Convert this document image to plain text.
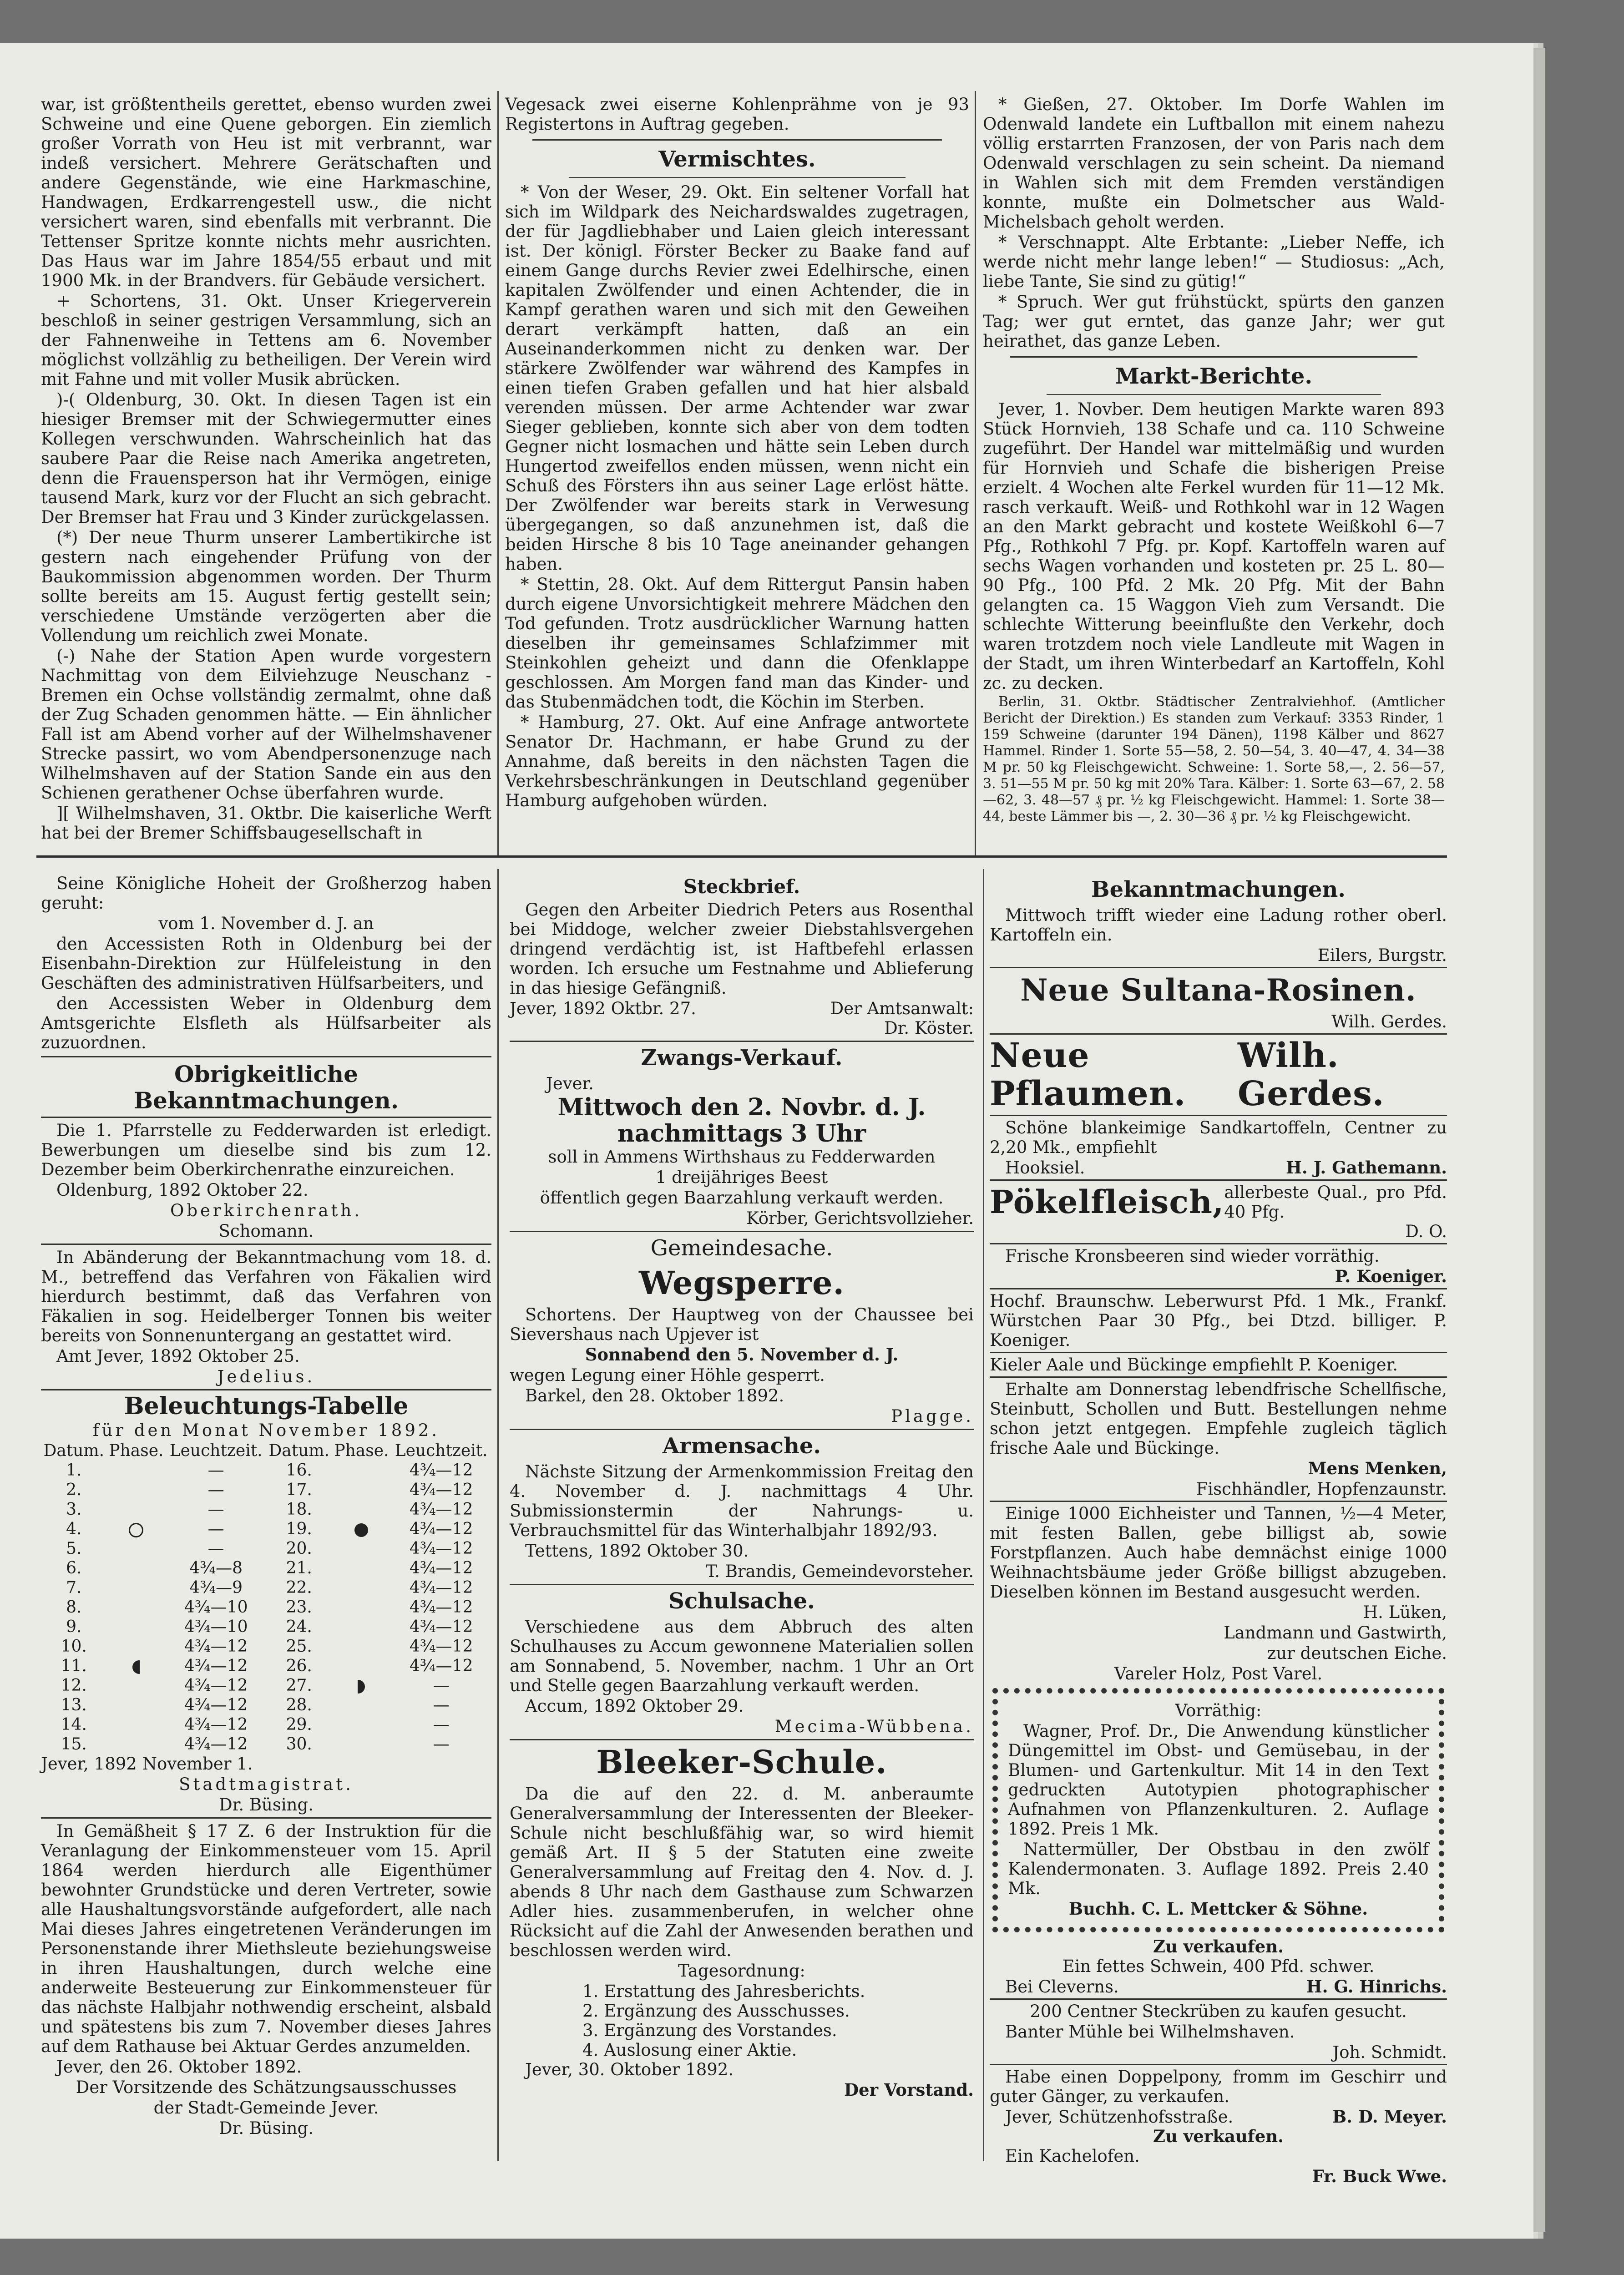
war, ist größtentheils gerettet, ebenso wurden zwei Schweine und eine Quene geborgen. Ein ziemlich großer Vorrath von Heu ist mit verbrannt, war indeß versichert. Mehrere Gerätschaften und andere Gegenstände, wie eine Harkmaschine, Handwagen, Erdkarrengestell usw., die nicht versichert waren, sind ebenfalls mit verbrannt. Die Tettenser Spritze konnte nichts mehr ausrichten. Das Haus war im Jahre 1854/55 erbaut und mit 1900 Mk. in der Brandvers. für Gebäude versichert.

+ Schortens, 31. Okt. Unser Kriegerverein beschloß in seiner gestrigen Versammlung, sich an der Fahnenweihe in Tettens am 6. November möglichst vollzählig zu betheiligen. Der Verein wird mit Fahne und mit voller Musik abrücken.

)-( Oldenburg, 30. Okt. In diesen Tagen ist ein hiesiger Bremser mit der Schwiegermutter eines Kollegen verschwunden. Wahrscheinlich hat das saubere Paar die Reise nach Amerika angetreten, denn die Frauensperson hat ihr Vermögen, einige tausend Mark, kurz vor der Flucht an sich gebracht. Der Bremser hat Frau und 3 Kinder zurückgelassen.

(*) Der neue Thurm unserer Lambertikirche ist gestern nach eingehender Prüfung von der Baukommission abgenommen worden. Der Thurm sollte bereits am 15. August fertig gestellt sein; verschiedene Umstände verzögerten aber die Vollendung um reichlich zwei Monate.

(-) Nahe der Station Apen wurde vorgestern Nachmittag von dem Eilviehzuge Neuschanz - Bremen ein Ochse vollständig zermalmt, ohne daß der Zug Schaden genommen hätte. — Ein ähnlicher Fall ist am Abend vorher auf der Wilhelmshavener Strecke passirt, wo vom Abendpersonenzuge nach Wilhelmshaven auf der Station Sande ein aus den Schienen gerathener Ochse überfahren wurde.

][ Wilhelmshaven, 31. Oktbr. Die kaiserliche Werft hat bei der Bremer Schiffsbaugesellschaft in

Vegesack zwei eiserne Kohlenprähme von je 93 Registertons in Auftrag gegeben.

Vermischtes.

* Von der Weser, 29. Okt. Ein seltener Vorfall hat sich im Wildpark des Neichardswaldes zugetragen, der für Jagdliebhaber und Laien gleich interessant ist. Der königl. Förster Becker zu Baake fand auf einem Gange durchs Revier zwei Edelhirsche, einen kapitalen Zwölfender und einen Achtender, die in Kampf gerathen waren und sich mit den Geweihen derart verkämpft hatten, daß an ein Auseinanderkommen nicht zu denken war. Der stärkere Zwölfender war während des Kampfes in einen tiefen Graben gefallen und hat hier alsbald verenden müssen. Der arme Achtender war zwar Sieger geblieben, konnte sich aber von dem todten Gegner nicht losmachen und hätte sein Leben durch Hungertod zweifellos enden müssen, wenn nicht ein Schuß des Försters ihn aus seiner Lage erlöst hätte. Der Zwölfender war bereits stark in Verwesung übergegangen, so daß anzunehmen ist, daß die beiden Hirsche 8 bis 10 Tage aneinander gehangen haben.

* Stettin, 28. Okt. Auf dem Rittergut Pansin haben durch eigene Unvorsichtigkeit mehrere Mädchen den Tod gefunden. Trotz ausdrücklicher Warnung hatten dieselben ihr gemeinsames Schlafzimmer mit Steinkohlen geheizt und dann die Ofenklappe geschlossen. Am Morgen fand man das Kinder- und das Stubenmädchen todt, die Köchin im Sterben.

* Hamburg, 27. Okt. Auf eine Anfrage antwortete Senator Dr. Hachmann, er habe Grund zu der Annahme, daß bereits in den nächsten Tagen die Verkehrsbeschränkungen in Deutschland gegenüber Hamburg aufgehoben würden.

* Gießen, 27. Oktober. Im Dorfe Wahlen im Odenwald landete ein Luftballon mit einem nahezu völlig erstarrten Franzosen, der von Paris nach dem Odenwald verschlagen zu sein scheint. Da niemand in Wahlen sich mit dem Fremden verständigen konnte, mußte ein Dolmetscher aus Wald-Michelsbach geholt werden.

* Verschnappt. Alte Erbtante: „Lieber Neffe, ich werde nicht mehr lange leben!“ — Studiosus: „Ach, liebe Tante, Sie sind zu gütig!“

* Spruch. Wer gut frühstückt, spürts den ganzen Tag; wer gut erntet, das ganze Jahr; wer gut heirathet, das ganze Leben.

Markt-Berichte.

Jever, 1. Novber. Dem heutigen Markte waren 893 Stück Hornvieh, 138 Schafe und ca. 110 Schweine zugeführt. Der Handel war mittelmäßig und wurden für Hornvieh und Schafe die bisherigen Preise erzielt. 4 Wochen alte Ferkel wurden für 11—12 Mk. rasch verkauft. Weiß- und Rothkohl war in 12 Wagen an den Markt gebracht und kostete Weißkohl 6—7 Pfg., Rothkohl 7 Pfg. pr. Kopf. Kartoffeln waren auf sechs Wagen vorhanden und kosteten pr. 25 L. 80—90 Pfg., 100 Pfd. 2 Mk. 20 Pfg. Mit der Bahn gelangten ca. 15 Waggon Vieh zum Versandt. Die schlechte Witterung beeinflußte den Verkehr, doch waren trotzdem noch viele Landleute mit Wagen in der Stadt, um ihren Winterbedarf an Kartoffeln, Kohl zc. zu decken.

Berlin, 31. Oktbr. Städtischer Zentralviehhof. (Amtlicher Bericht der Direktion.) Es standen zum Verkauf: 3353 Rinder, 1 159 Schweine (darunter 194 Dänen), 1198 Kälber und 8627 Hammel. Rinder 1. Sorte 55—58, 2. 50—54, 3. 40—47, 4. 34—38 M pr. 50 kg Fleischgewicht. Schweine: 1. Sorte 58,—, 2. 56—57, 3. 51—55 M pr. 50 kg mit 20% Tara. Kälber: 1. Sorte 63—67, 2. 58—62, 3. 48—57 ₰ pr. ½ kg Fleischgewicht. Hammel: 1. Sorte 38—44, beste Lämmer bis —, 2. 30—36 ₰ pr. ½ kg Fleischgewicht.

Seine Königliche Hoheit der Großherzog haben geruht:

vom 1. November d. J. an

den Accessisten Roth in Oldenburg bei der Eisenbahn-Direktion zur Hülfeleistung in den Geschäften des administrativen Hülfsarbeiters, und

den Accessisten Weber in Oldenburg dem Amtsgerichte Elsfleth als Hülfsarbeiter als zuzuordnen.

Obrigkeitliche Bekanntmachungen.

Die 1. Pfarrstelle zu Fedderwarden ist erledigt. Bewerbungen um dieselbe sind bis zum 12. Dezember beim Oberkirchenrathe einzureichen.

Oldenburg, 1892 Oktober 22.

Oberkirchenrath.

Schomann.

In Abänderung der Bekanntmachung vom 18. d. M., betreffend das Verfahren von Fäkalien wird hierdurch bestimmt, daß das Verfahren von Fäkalien in sog. Heidelberger Tonnen bis weiter bereits von Sonnenuntergang an gestattet wird.

Amt Jever, 1892 Oktober 25.

Jedelius.

Beleuchtungs-Tabelle

für den Monat November 1892.

Datum.	Phase.	Leuchtzeit.	Datum.	Phase.	Leuchtzeit.
1.		—	16.		4¾—12
2.		—	17.		4¾—12
3.		—	18.		4¾—12
4.		—	19.		4¾—12
5.		—	20.		4¾—12
6.		4¾—8	21.		4¾—12
7.		4¾—9	22.		4¾—12
8.		4¾—10	23.		4¾—12
9.		4¾—10	24.		4¾—12
10.		4¾—12	25.		4¾—12
11.		4¾—12	26.		4¾—12
12.		4¾—12	27.		—
13.		4¾—12	28.		—
14.		4¾—12	29.		—
15.		4¾—12	30.		—

Jever, 1892 November 1.

Stadtmagistrat.

Dr. Büsing.

In Gemäßheit § 17 Z. 6 der Instruktion für die Veranlagung der Einkommensteuer vom 15. April 1864 werden hierdurch alle Eigenthümer bewohnter Grundstücke und deren Vertreter, sowie alle Haushaltungsvorstände aufgefordert, alle nach Mai dieses Jahres eingetretenen Veränderungen im Personenstande ihrer Miethsleute beziehungsweise in ihren Haushaltungen, durch welche eine anderweite Besteuerung zur Einkommensteuer für das nächste Halbjahr nothwendig erscheint, alsbald und spätestens bis zum 7. November dieses Jahres auf dem Rathause bei Aktuar Gerdes anzumelden.

Jever, den 26. Oktober 1892.

Der Vorsitzende des Schätzungsausschusses

der Stadt-Gemeinde Jever.

Dr. Büsing.

Steckbrief.

Gegen den Arbeiter Diedrich Peters aus Rosenthal bei Middoge, welcher zweier Diebstahlsvergehen dringend verdächtig ist, ist Haftbefehl erlassen worden. Ich ersuche um Festnahme und Ablieferung in das hiesige Gefängniß.

Jever, 1892 Oktbr. 27.	Der Amtsanwalt:

Dr. Köster.

Zwangs-Verkauf.

Jever.

Mittwoch den 2. Novbr. d. J.
nachmittags 3 Uhr

soll in Ammens Wirthshaus zu Fedderwarden

1 dreijähriges Beest

öffentlich gegen Baarzahlung verkauft werden.

Körber, Gerichtsvollzieher.

Gemeindesache.
Wegsperre.

Schortens. Der Hauptweg von der Chaussee bei Sievershaus nach Upjever ist

Sonnabend den 5. November d. J.

wegen Legung einer Höhle gesperrt.

Barkel, den 28. Oktober 1892.

Plagge.

Armensache.

Nächste Sitzung der Armenkommission Freitag den 4. November d. J. nachmittags 4 Uhr. Submissionstermin der Nahrungs- u. Verbrauchsmittel für das Winterhalbjahr 1892/93.

Tettens, 1892 Oktober 30.

T. Brandis, Gemeindevorsteher.

Schulsache.

Verschiedene aus dem Abbruch des alten Schulhauses zu Accum gewonnene Materialien sollen am Sonnabend, 5. November, nachm. 1 Uhr an Ort und Stelle gegen Baarzahlung verkauft werden.

Accum, 1892 Oktober 29.

Mecima-Wübbena.

Bleeker-Schule.

Da die auf den 22. d. M. anberaumte Generalversammlung der Interessenten der Bleeker-Schule nicht beschlußfähig war, so wird hiemit gemäß Art. II § 5 der Statuten eine zweite Generalversammlung auf Freitag den 4. Nov. d. J. abends 8 Uhr nach dem Gasthause zum Schwarzen Adler hies. zusammenberufen, in welcher ohne Rücksicht auf die Zahl der Anwesenden berathen und beschlossen werden wird.

Tagesordnung:

1. Erstattung des Jahresberichts.
2. Ergänzung des Ausschusses.
3. Ergänzung des Vorstandes.
4. Auslosung einer Aktie.

Jever, 30. Oktober 1892.

Der Vorstand.

Bekanntmachungen.

Mittwoch trifft wieder eine Ladung rother oberl. Kartoffeln ein.

Eilers, Burgstr.

Neue Sultana-Rosinen.

Wilh. Gerdes.

Neue Pflaumen.
Wilh. Gerdes.

Schöne blankeimige Sandkartoffeln, Centner zu 2,20 Mk., empfiehlt

Hooksiel.	H. J. Gathemann.
Pökelfleisch, allerbeste Qual., pro Pfd. 40 Pfg.

D. O.

Frische Kronsbeeren sind wieder vorräthig.

P. Koeniger.

Hochf. Braunschw. Leberwurst Pfd. 1 Mk., Frankf. Würstchen Paar 30 Pfg., bei Dtzd. billiger. P. Koeniger.

Kieler Aale und Bückinge empfiehlt P. Koeniger.

Erhalte am Donnerstag lebendfrische Schellfische, Steinbutt, Schollen und Butt. Bestellungen nehme schon jetzt entgegen. Empfehle zugleich täglich frische Aale und Bückinge.

Mens Menken,

Fischhändler, Hopfenzaunstr.

Einige 1000 Eichheister und Tannen, ½—4 Meter, mit festen Ballen, gebe billigst ab, sowie Forstpflanzen. Auch habe demnächst einige 1000 Weihnachtsbäume jeder Größe billigst abzugeben. Dieselben können im Bestand ausgesucht werden.

H. Lüken,

Landmann und Gastwirth,

zur deutschen Eiche.

Vareler Holz, Post Varel.

Vorräthig:

Wagner, Prof. Dr., Die Anwendung künstlicher Düngemittel im Obst- und Gemüsebau, in der Blumen- und Gartenkultur. Mit 14 in den Text gedruckten Autotypien photographischer Aufnahmen von Pflanzenkulturen. 2. Auflage 1892. Preis 1 Mk.

Nattermüller, Der Obstbau in den zwölf Kalendermonaten. 3. Auflage 1892. Preis 2.40 Mk.

Buchh. C. L. Mettcker & Söhne.

Zu verkaufen.

Ein fettes Schwein, 400 Pfd. schwer.

Bei Cleverns.	H. G. Hinrichs.

200 Centner Steckrüben zu kaufen gesucht.

Banter Mühle bei Wilhelmshaven.

Joh. Schmidt.

Habe einen Doppelpony, fromm im Geschirr und guter Gänger, zu verkaufen.

Jever, Schützenhofsstraße.	B. D. Meyer.
Zu verkaufen.

Ein Kachelofen.

Fr. Buck Wwe.
